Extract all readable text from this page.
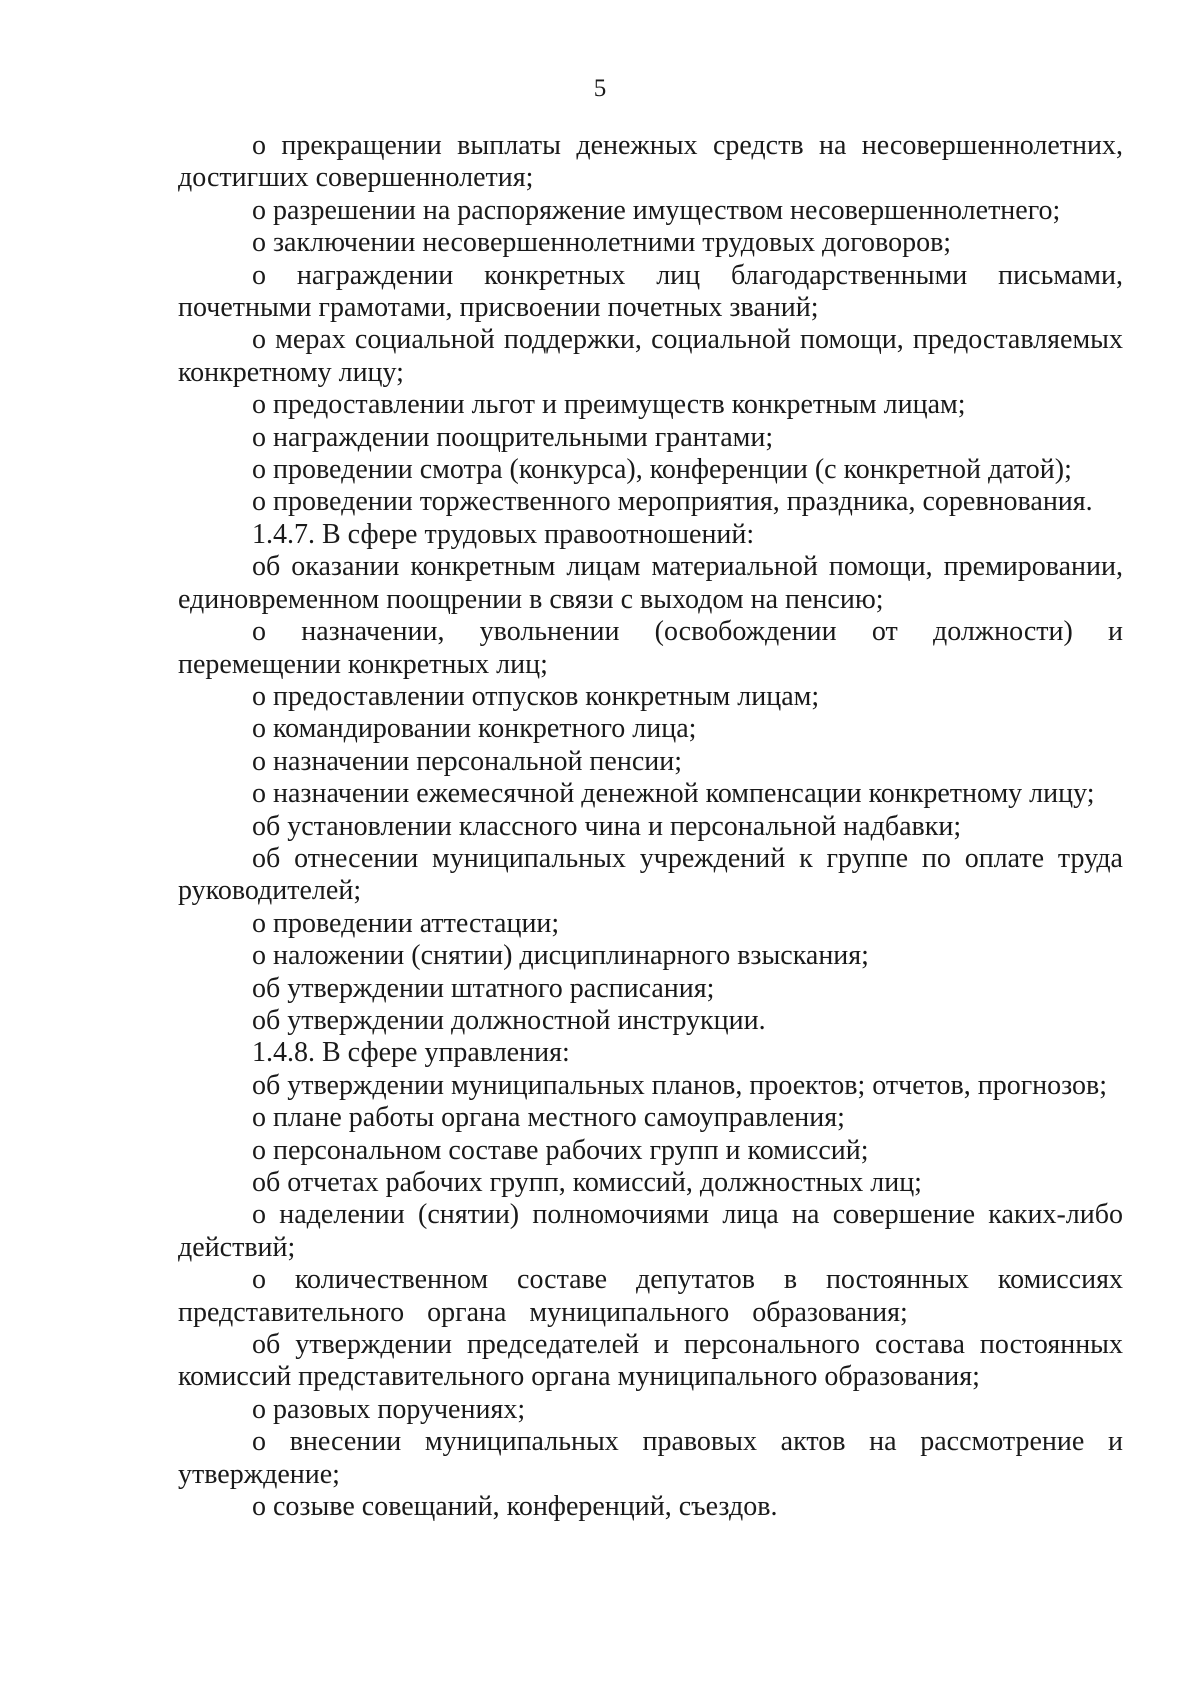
5

о прекращении выплаты денежных средств на несовершеннолетних, достигших совершеннолетия;

о разрешении на распоряжение имуществом несовершеннолетнего;

о заключении несовершеннолетними трудовых договоров;

о награждении конкретных лиц благодарственными письмами, почетными грамотами, присвоении почетных званий;

о мерах социальной поддержки, социальной помощи, предоставляемых конкретному лицу;

о предоставлении льгот и преимуществ конкретным лицам;

о награждении поощрительными грантами;

о проведении смотра (конкурса), конференции (с конкретной датой);

о проведении торжественного мероприятия, праздника, соревнования.

1.4.7. В сфере трудовых правоотношений:

об оказании конкретным лицам материальной помощи, премировании, единовременном поощрении в связи с выходом на пенсию;

о назначении, увольнении (освобождении от должности) и перемещении конкретных лиц;

о предоставлении отпусков конкретным лицам;

о командировании конкретного лица;

о назначении персональной пенсии;

о назначении ежемесячной денежной компенсации конкретному лицу;

об установлении классного чина и персональной надбавки;

об отнесении муниципальных учреждений к группе по оплате труда руководителей;

о проведении аттестации;

о наложении (снятии) дисциплинарного взыскания;

об утверждении штатного расписания;

об утверждении должностной инструкции.

1.4.8. В сфере управления:

об утверждении муниципальных планов, проектов; отчетов, прогнозов;

о плане работы органа местного самоуправления;

о персональном составе рабочих групп и комиссий;

об отчетах рабочих групп, комиссий, должностных лиц;

о наделении (снятии) полномочиями лица на совершение каких-либо действий;

о количественном составе депутатов в постоянных комиссиях представительного органа муниципального образования;

об утверждении председателей и персонального состава постоянных комиссий представительного органа муниципального образования;

о разовых поручениях;

о внесении муниципальных правовых актов на рассмотрение и утверждение;

о созыве совещаний, конференций, съездов.
